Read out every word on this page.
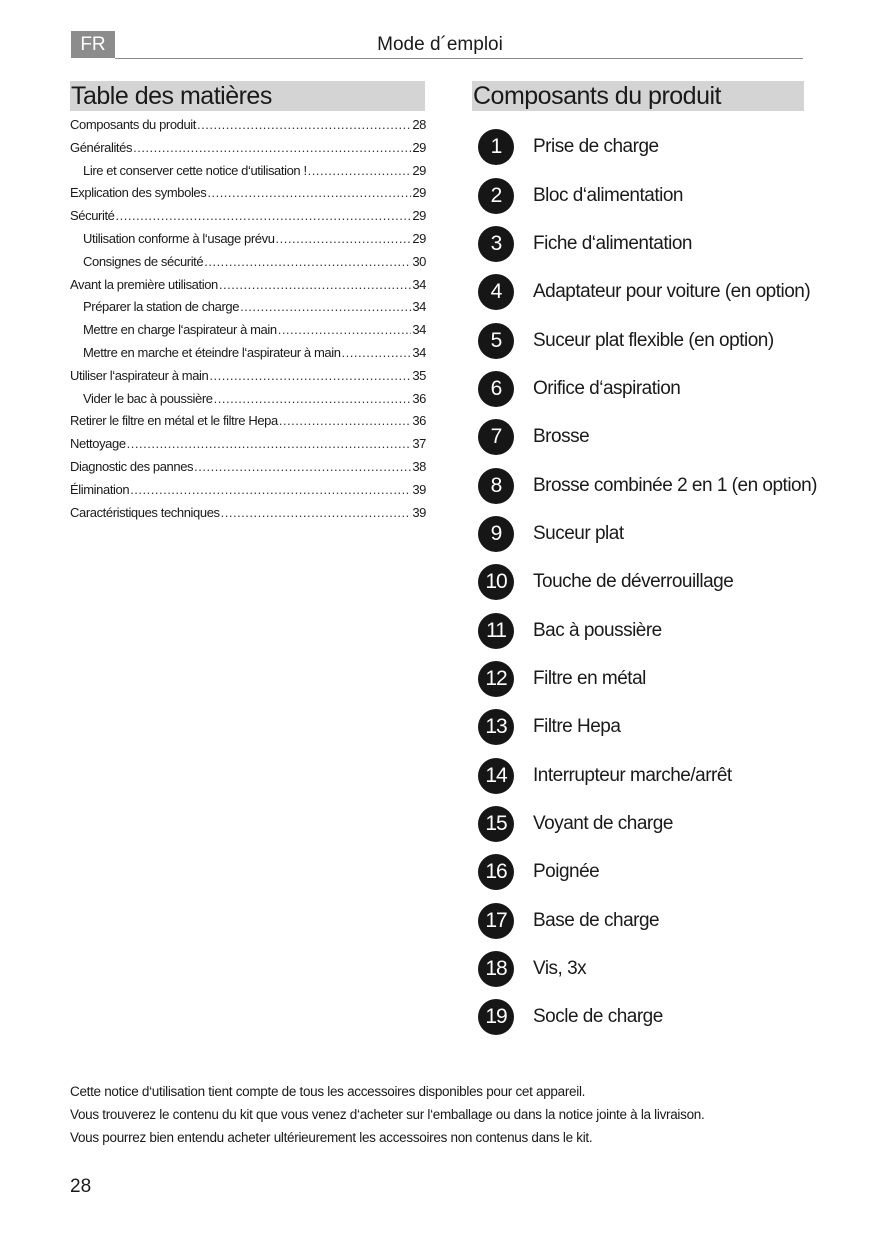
FR	Mode d´emploi
Table des matières
Composants du produit .....	28
Généralités .....	29
Lire et conserver cette notice d‘utilisation ! .....	29
Explication des symboles .....	29
Sécurité .....	29
Utilisation conforme à l‘usage prévu .....	29
Consignes de sécurité .....	30
Avant la première utilisation .....	34
Préparer la station de charge .....	34
Mettre en charge l‘aspirateur à main .....	34
Mettre en marche et éteindre l‘aspirateur à main .....	34
Utiliser l‘aspirateur à main .....	35
Vider le bac à poussière .....	36
Retirer le filtre en métal et le filtre Hepa .....	36
Nettoyage .....	37
Diagnostic des pannes .....	38
Élimination .....	39
Caractéristiques techniques .....	39
Composants du produit
1	Prise de charge
2	Bloc d‘alimentation
3	Fiche d‘alimentation
4	Adaptateur pour voiture (en option)
5	Suceur plat flexible (en option)
6	Orifice d‘aspiration
7	Brosse
8	Brosse combinée 2 en 1 (en option)
9	Suceur plat
10	Touche de déverrouillage
11	Bac à poussière
12	Filtre en métal
13	Filtre Hepa
14	Interrupteur marche/arrêt
15	Voyant de charge
16	Poignée
17	Base de charge
18	Vis, 3x
19	Socle de charge
Cette notice d‘utilisation tient compte de tous les accessoires disponibles pour cet appareil.
Vous trouverez le contenu du kit que vous venez d‘acheter sur l‘emballage ou dans la notice jointe à la livraison.
Vous pourrez bien entendu acheter ultérieurement les accessoires non contenus dans le kit.
28
